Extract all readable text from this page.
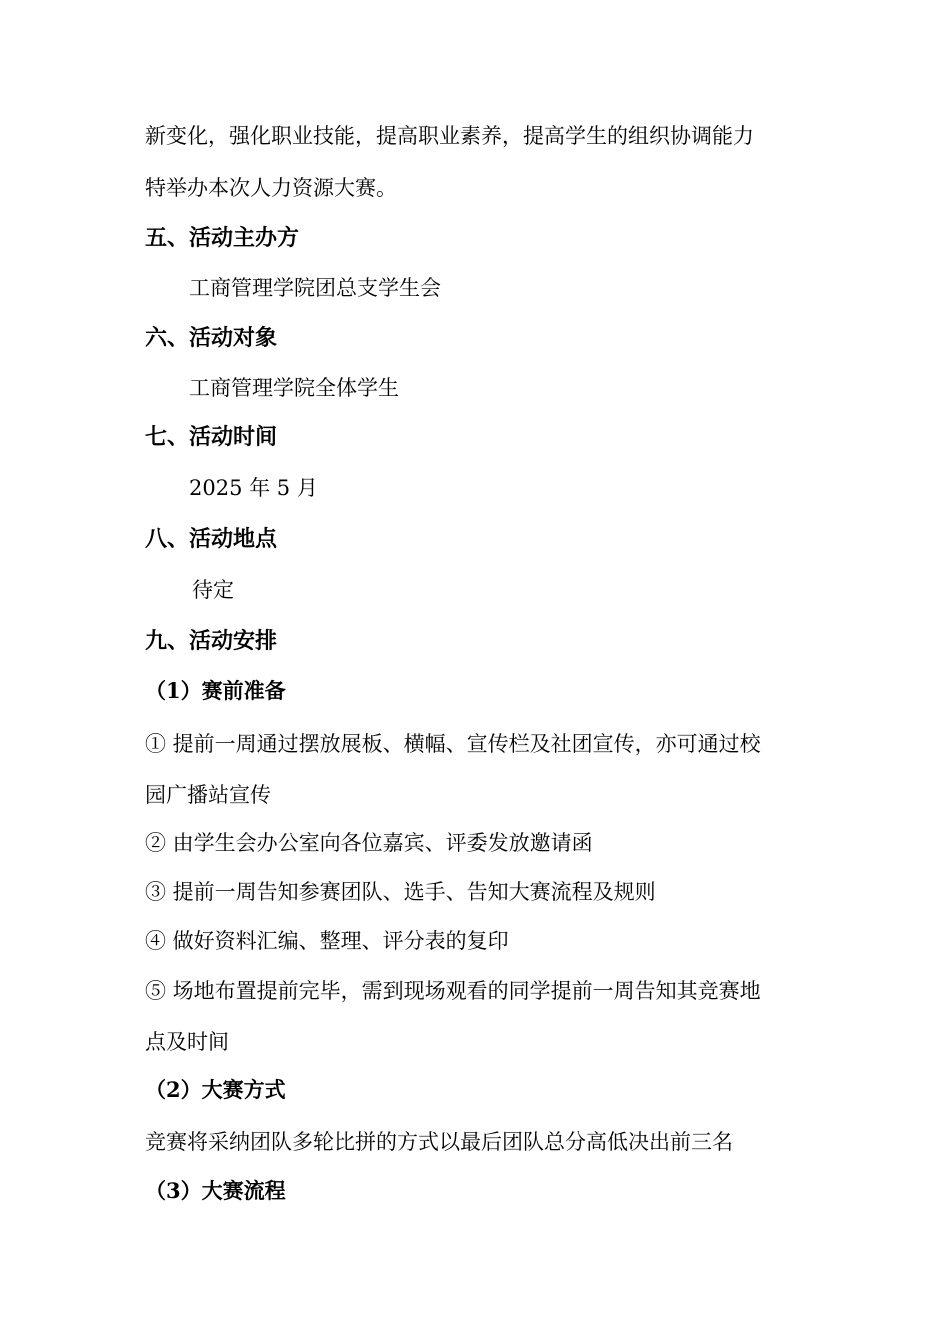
新变化，强化职业技能，提高职业素养，提高学生的组织协调能力
特举办本次人力资源大赛。
五、活动主办方
工商管理学院团总支学生会
六、活动对象
工商管理学院全体学生
七、活动时间
2025 年 5 月
八、活动地点
待定
九、活动安排
（1）赛前准备
① 提前一周通过摆放展板、横幅、宣传栏及社团宣传，亦可通过校
园广播站宣传
② 由学生会办公室向各位嘉宾、评委发放邀请函
③ 提前一周告知参赛团队、选手、告知大赛流程及规则
④ 做好资料汇编、整理、评分表的复印
⑤ 场地布置提前完毕，需到现场观看的同学提前一周告知其竞赛地
点及时间
（2）大赛方式
竞赛将采纳团队多轮比拼的方式以最后团队总分高低决出前三名
（3）大赛流程
